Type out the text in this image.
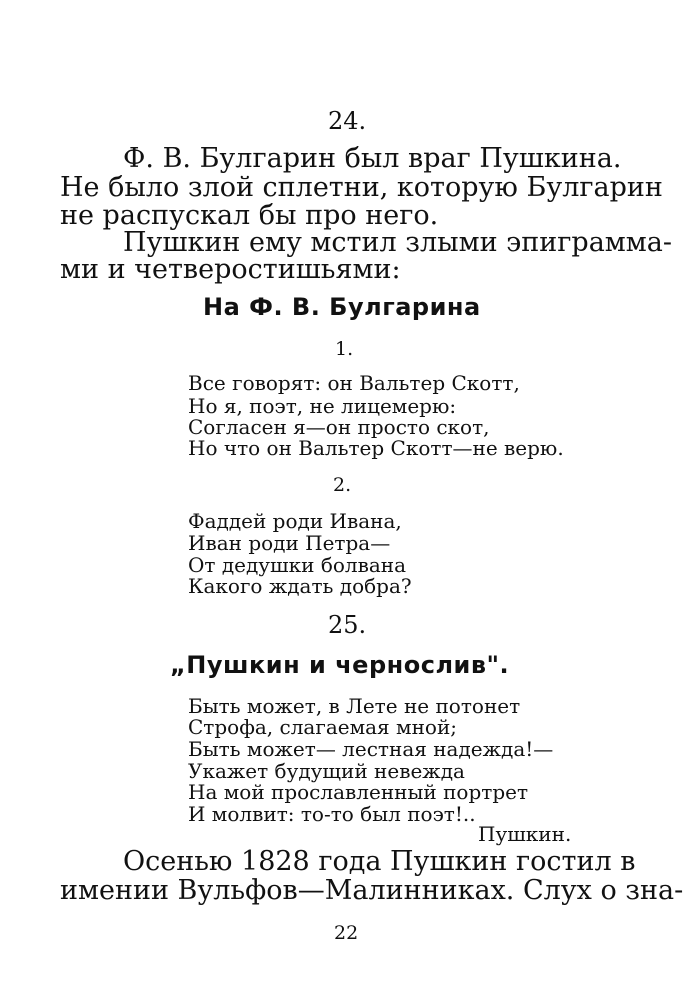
24.
Ф. В. Булгарин был враг Пушкина.
Не было злой сплетни, которую Булгарин
не распускал бы про него.
Пушкин ему мстил злыми эпиграмма-
ми и четверостишьями:
На Ф. В. Булгарина
1.
Все говорят: он Вальтер Скотт,
Но я, поэт, не лицемерю:
Согласен я—он просто скот,
Но что он Вальтер Скотт—не верю.
2.
Фаддей роди Ивана,
Иван роди Петра—
От дедушки болвана
Какого ждать добра?
25.
„Пушкин и чернослив".
Быть может, в Лете не потонет
Строфа, слагаемая мной;
Быть может— лестная надежда!—
Укажет будущий невежда
На мой прославленный портрет
И молвит: то-то был поэт!..
Пушкин.
Осенью 1828 года Пушкин гостил в
имении Вульфов—Малинниках. Слух о зна-
22
